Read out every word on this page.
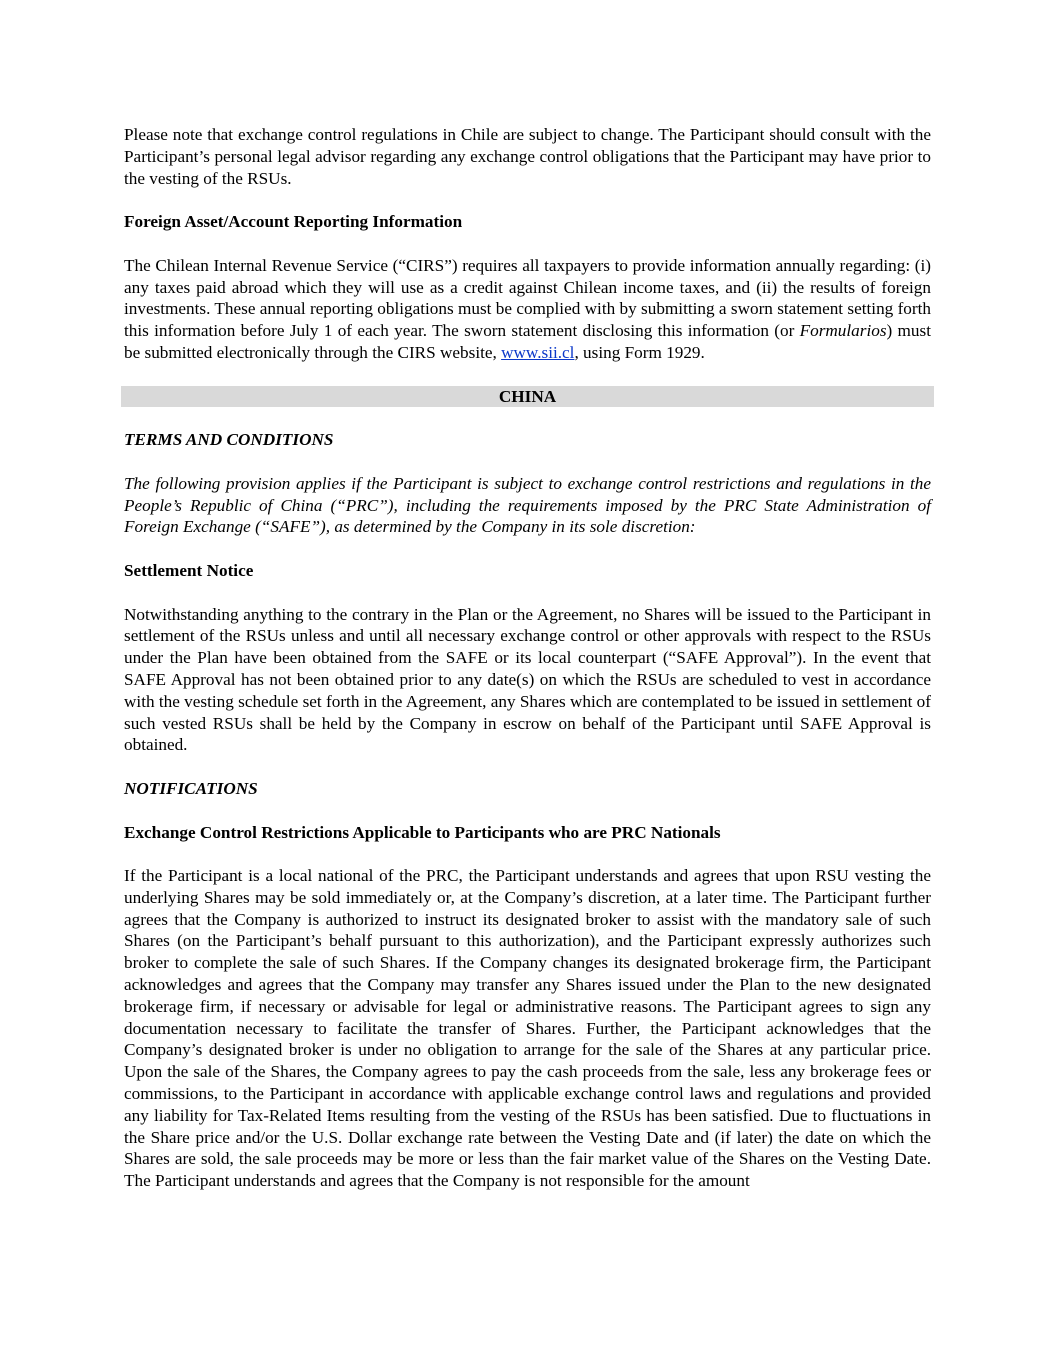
Please note that exchange control regulations in Chile are subject to change. The Participant should consult with the Participant’s personal legal advisor regarding any exchange control obligations that the Participant may have prior to the vesting of the RSUs.

Foreign Asset/Account Reporting Information

The Chilean Internal Revenue Service (“CIRS”) requires all taxpayers to provide information annually regarding: (i) any taxes paid abroad which they will use as a credit against Chilean income taxes, and (ii) the results of foreign investments. These annual reporting obligations must be complied with by submitting a sworn statement setting forth this information before July 1 of each year. The sworn statement disclosing this information (or Formularios) must be submitted electronically through the CIRS website, www.sii.cl, using Form 1929.

CHINA

TERMS AND CONDITIONS

The following provision applies if the Participant is subject to exchange control restrictions and regulations in the People’s Republic of China (“PRC”), including the requirements imposed by the PRC State Administration of Foreign Exchange (“SAFE”), as determined by the Company in its sole discretion:

Settlement Notice

Notwithstanding anything to the contrary in the Plan or the Agreement, no Shares will be issued to the Participant in settlement of the RSUs unless and until all necessary exchange control or other approvals with respect to the RSUs under the Plan have been obtained from the SAFE or its local counterpart (“SAFE Approval”). In the event that SAFE Approval has not been obtained prior to any date(s) on which the RSUs are scheduled to vest in accordance with the vesting schedule set forth in the Agreement, any Shares which are contemplated to be issued in settlement of such vested RSUs shall be held by the Company in escrow on behalf of the Participant until SAFE Approval is obtained.

NOTIFICATIONS

Exchange Control Restrictions Applicable to Participants who are PRC Nationals

If the Participant is a local national of the PRC, the Participant understands and agrees that upon RSU vesting the underlying Shares may be sold immediately or, at the Company’s discretion, at a later time. The Participant further agrees that the Company is authorized to instruct its designated broker to assist with the mandatory sale of such Shares (on the Participant’s behalf pursuant to this authorization), and the Participant expressly authorizes such broker to complete the sale of such Shares. If the Company changes its designated brokerage firm, the Participant acknowledges and agrees that the Company may transfer any Shares issued under the Plan to the new designated brokerage firm, if necessary or advisable for legal or administrative reasons. The Participant agrees to sign any documentation necessary to facilitate the transfer of Shares. Further, the Participant acknowledges that the Company’s designated broker is under no obligation to arrange for the sale of the Shares at any particular price. Upon the sale of the Shares, the Company agrees to pay the cash proceeds from the sale, less any brokerage fees or commissions, to the Participant in accordance with applicable exchange control laws and regulations and provided any liability for Tax-Related Items resulting from the vesting of the RSUs has been satisfied. Due to fluctuations in the Share price and/or the U.S. Dollar exchange rate between the Vesting Date and (if later) the date on which the Shares are sold, the sale proceeds may be more or less than the fair market value of the Shares on the Vesting Date. The Participant understands and agrees that the Company is not responsible for the amount
